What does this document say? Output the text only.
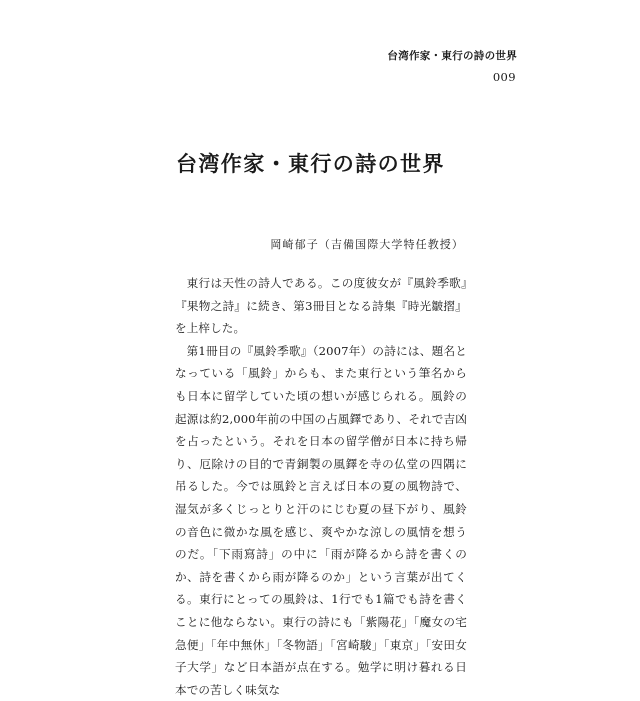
台湾作家・東行の詩の世界
009
台湾作家・東行の詩の世界
岡崎郁子（吉備国際大学特任教授）

東行は天性の詩人である。この度彼女が『風鈴季歌』『果物之詩』に続き、第3冊目となる詩集『時光皺摺』を上梓した。

第1冊目の『風鈴季歌』（2007年）の詩には、題名となっている「風鈴」からも、また東行という筆名からも日本に留学していた頃の想いが感じられる。風鈴の起源は約2,000年前の中国の占風鐸であり、それで吉凶を占ったという。それを日本の留学僧が日本に持ち帰り、厄除けの目的で青銅製の風鐸を寺の仏堂の四隅に吊るした。今では風鈴と言えば日本の夏の風物詩で、湿気が多くじっとりと汗のにじむ夏の昼下がり、風鈴の音色に微かな風を感じ、爽やかな涼しの風情を想うのだ。「下雨寫詩」の中に「雨が降るから詩を書くのか、詩を書くから雨が降るのか」という言葉が出てくる。東行にとっての風鈴は、1行でも1篇でも詩を書くことに他ならない。東行の詩にも「紫陽花」「魔女の宅急便」「年中無休」「冬物語」「宮崎駿」「東京」「安田女子大学」など日本語が点在する。勉学に明け暮れる日本での苦しく味気な
